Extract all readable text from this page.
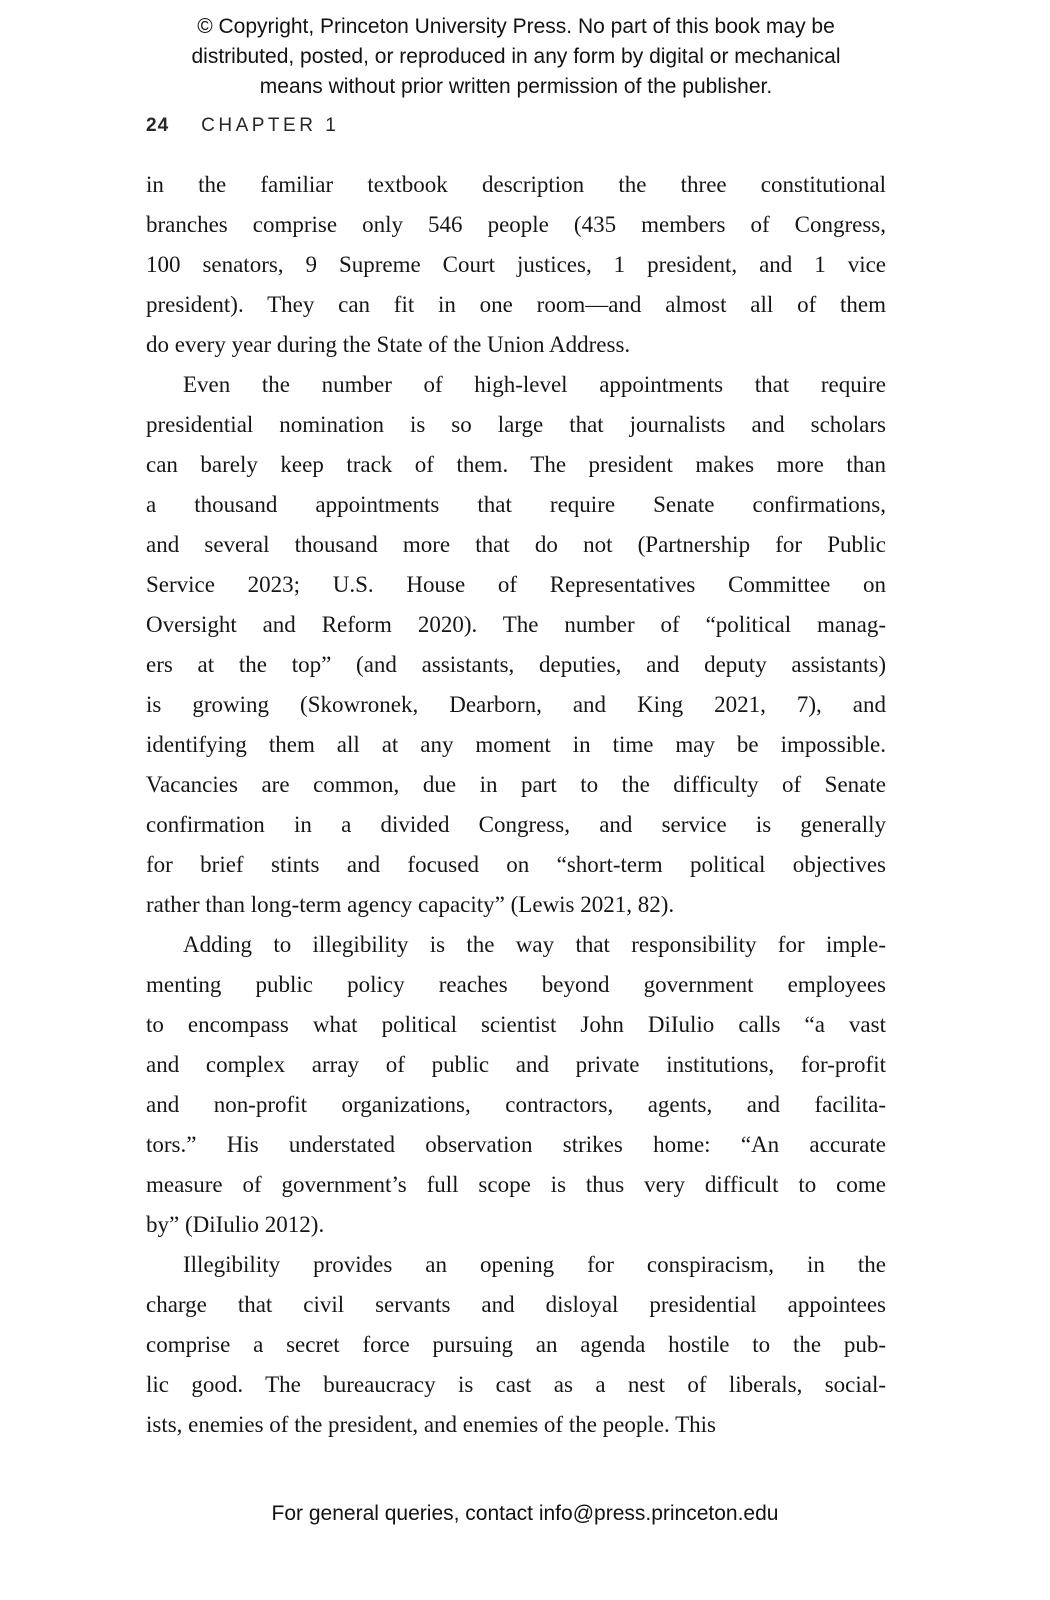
© Copyright, Princeton University Press. No part of this book may be
distributed, posted, or reproduced in any form by digital or mechanical
means without prior written permission of the publisher.
24 CHAPTER 1

in the familiar textbook description the three constitutional
branches comprise only 546 people (435 members of Congress,
100 senators, 9 Supreme Court justices, 1 president, and 1 vice
president). They can fit in one room—and almost all of them
do every year during the State of the Union Address.

Even the number of high-level appointments that require
presidential nomination is so large that journalists and scholars
can barely keep track of them. The president makes more than
a thousand appointments that require Senate confirmations,
and several thousand more that do not (Partnership for Public
Service 2023; U.S. House of Representatives Committee on
Oversight and Reform 2020). The number of “political manag-
ers at the top” (and assistants, deputies, and deputy assistants)
is growing (Skowronek, Dearborn, and King 2021, 7), and
identifying them all at any moment in time may be impossible.
Vacancies are common, due in part to the difficulty of Senate
confirmation in a divided Congress, and service is generally
for brief stints and focused on “short-term political objectives
rather than long-term agency capacity” (Lewis 2021, 82).

Adding to illegibility is the way that responsibility for imple-
menting public policy reaches beyond government employees
to encompass what political scientist John DiIulio calls “a vast
and complex array of public and private institutions, for-profit
and non-profit organizations, contractors, agents, and facilita-
tors.” His understated observation strikes home: “An accurate
measure of government’s full scope is thus very difficult to come
by” (DiIulio 2012).

Illegibility provides an opening for conspiracism, in the
charge that civil servants and disloyal presidential appointees
comprise a secret force pursuing an agenda hostile to the pub-
lic good. The bureaucracy is cast as a nest of liberals, social-
ists, enemies of the president, and enemies of the people. This

For general queries, contact info@press.princeton.edu
